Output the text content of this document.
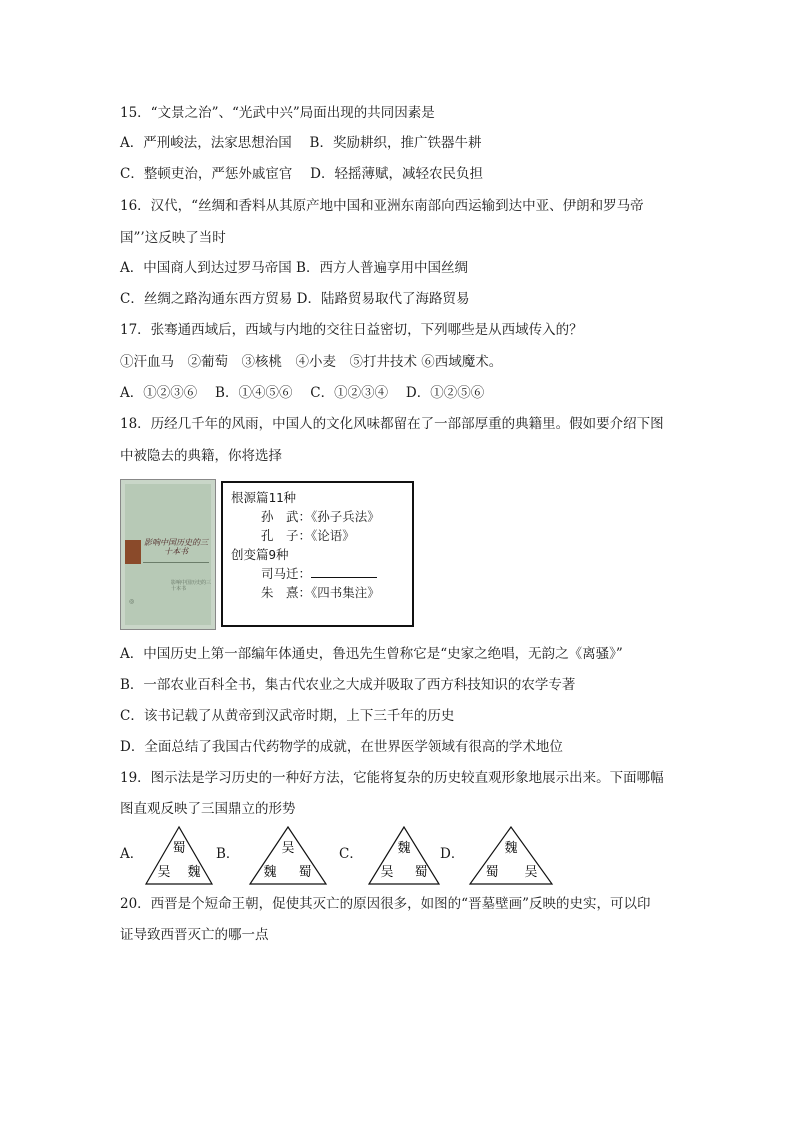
15．“文景之治”、“光武中兴”局面出现的共同因素是
A．严刑峻法，法家思想治国　 B．奖励耕织，推广铁器牛耕
C．整顿吏治，严惩外戚宦官　 D．轻摇薄赋，减轻农民负担
16．汉代，“丝绸和香料从其原产地中国和亚洲东南部向西运输到达中亚、伊朗和罗马帝
国”’这反映了当时
A．中国商人到达过罗马帝国 B．西方人普遍享用中国丝绸
C．丝绸之路沟通东西方贸易 D．陆路贸易取代了海路贸易
17．张骞通西域后，西域与内地的交往日益密切，下列哪些是从西域传入的？
①汗血马　②葡萄　③核桃　④小麦　⑤打井技术 ⑥西域魔术。
A．①②③⑥　 B．①④⑤⑥　 C．①②③④　 D．①②⑤⑥
18．历经几千年的风雨，中国人的文化风味都留在了一部部厚重的典籍里。假如要介绍下图
中被隐去的典籍，你将选择
影响中国历史的三十本书
影响中国历史的三十本书
◎
根源篇11种
孙　武：《孙子兵法》
孔　子：《论语》
创变篇9种
司马迁：
朱　熹：《四书集注》
A．中国历史上第一部编年体通史，鲁迅先生曾称它是“史家之绝唱，无韵之《离骚》”
B．一部农业百科全书，集古代农业之大成并吸取了西方科技知识的农学专著
C．该书记载了从黄帝到汉武帝时期，上下三千年的历史
D．全面总结了我国古代药物学的成就，在世界医学领域有很高的学术地位
19．图示法是学习历史的一种好方法，它能将复杂的历史较直观形象地展示出来。下面哪幅
图直观反映了三国鼎立的形势
A． 蜀
吴 魏
B．	吴
魏 蜀
C．	魏
吴 蜀
D．	魏
蜀 吴
20．西晋是个短命王朝，促使其灭亡的原因很多，如图的“晋墓壁画”反映的史实，可以印
证导致西晋灭亡的哪一点
